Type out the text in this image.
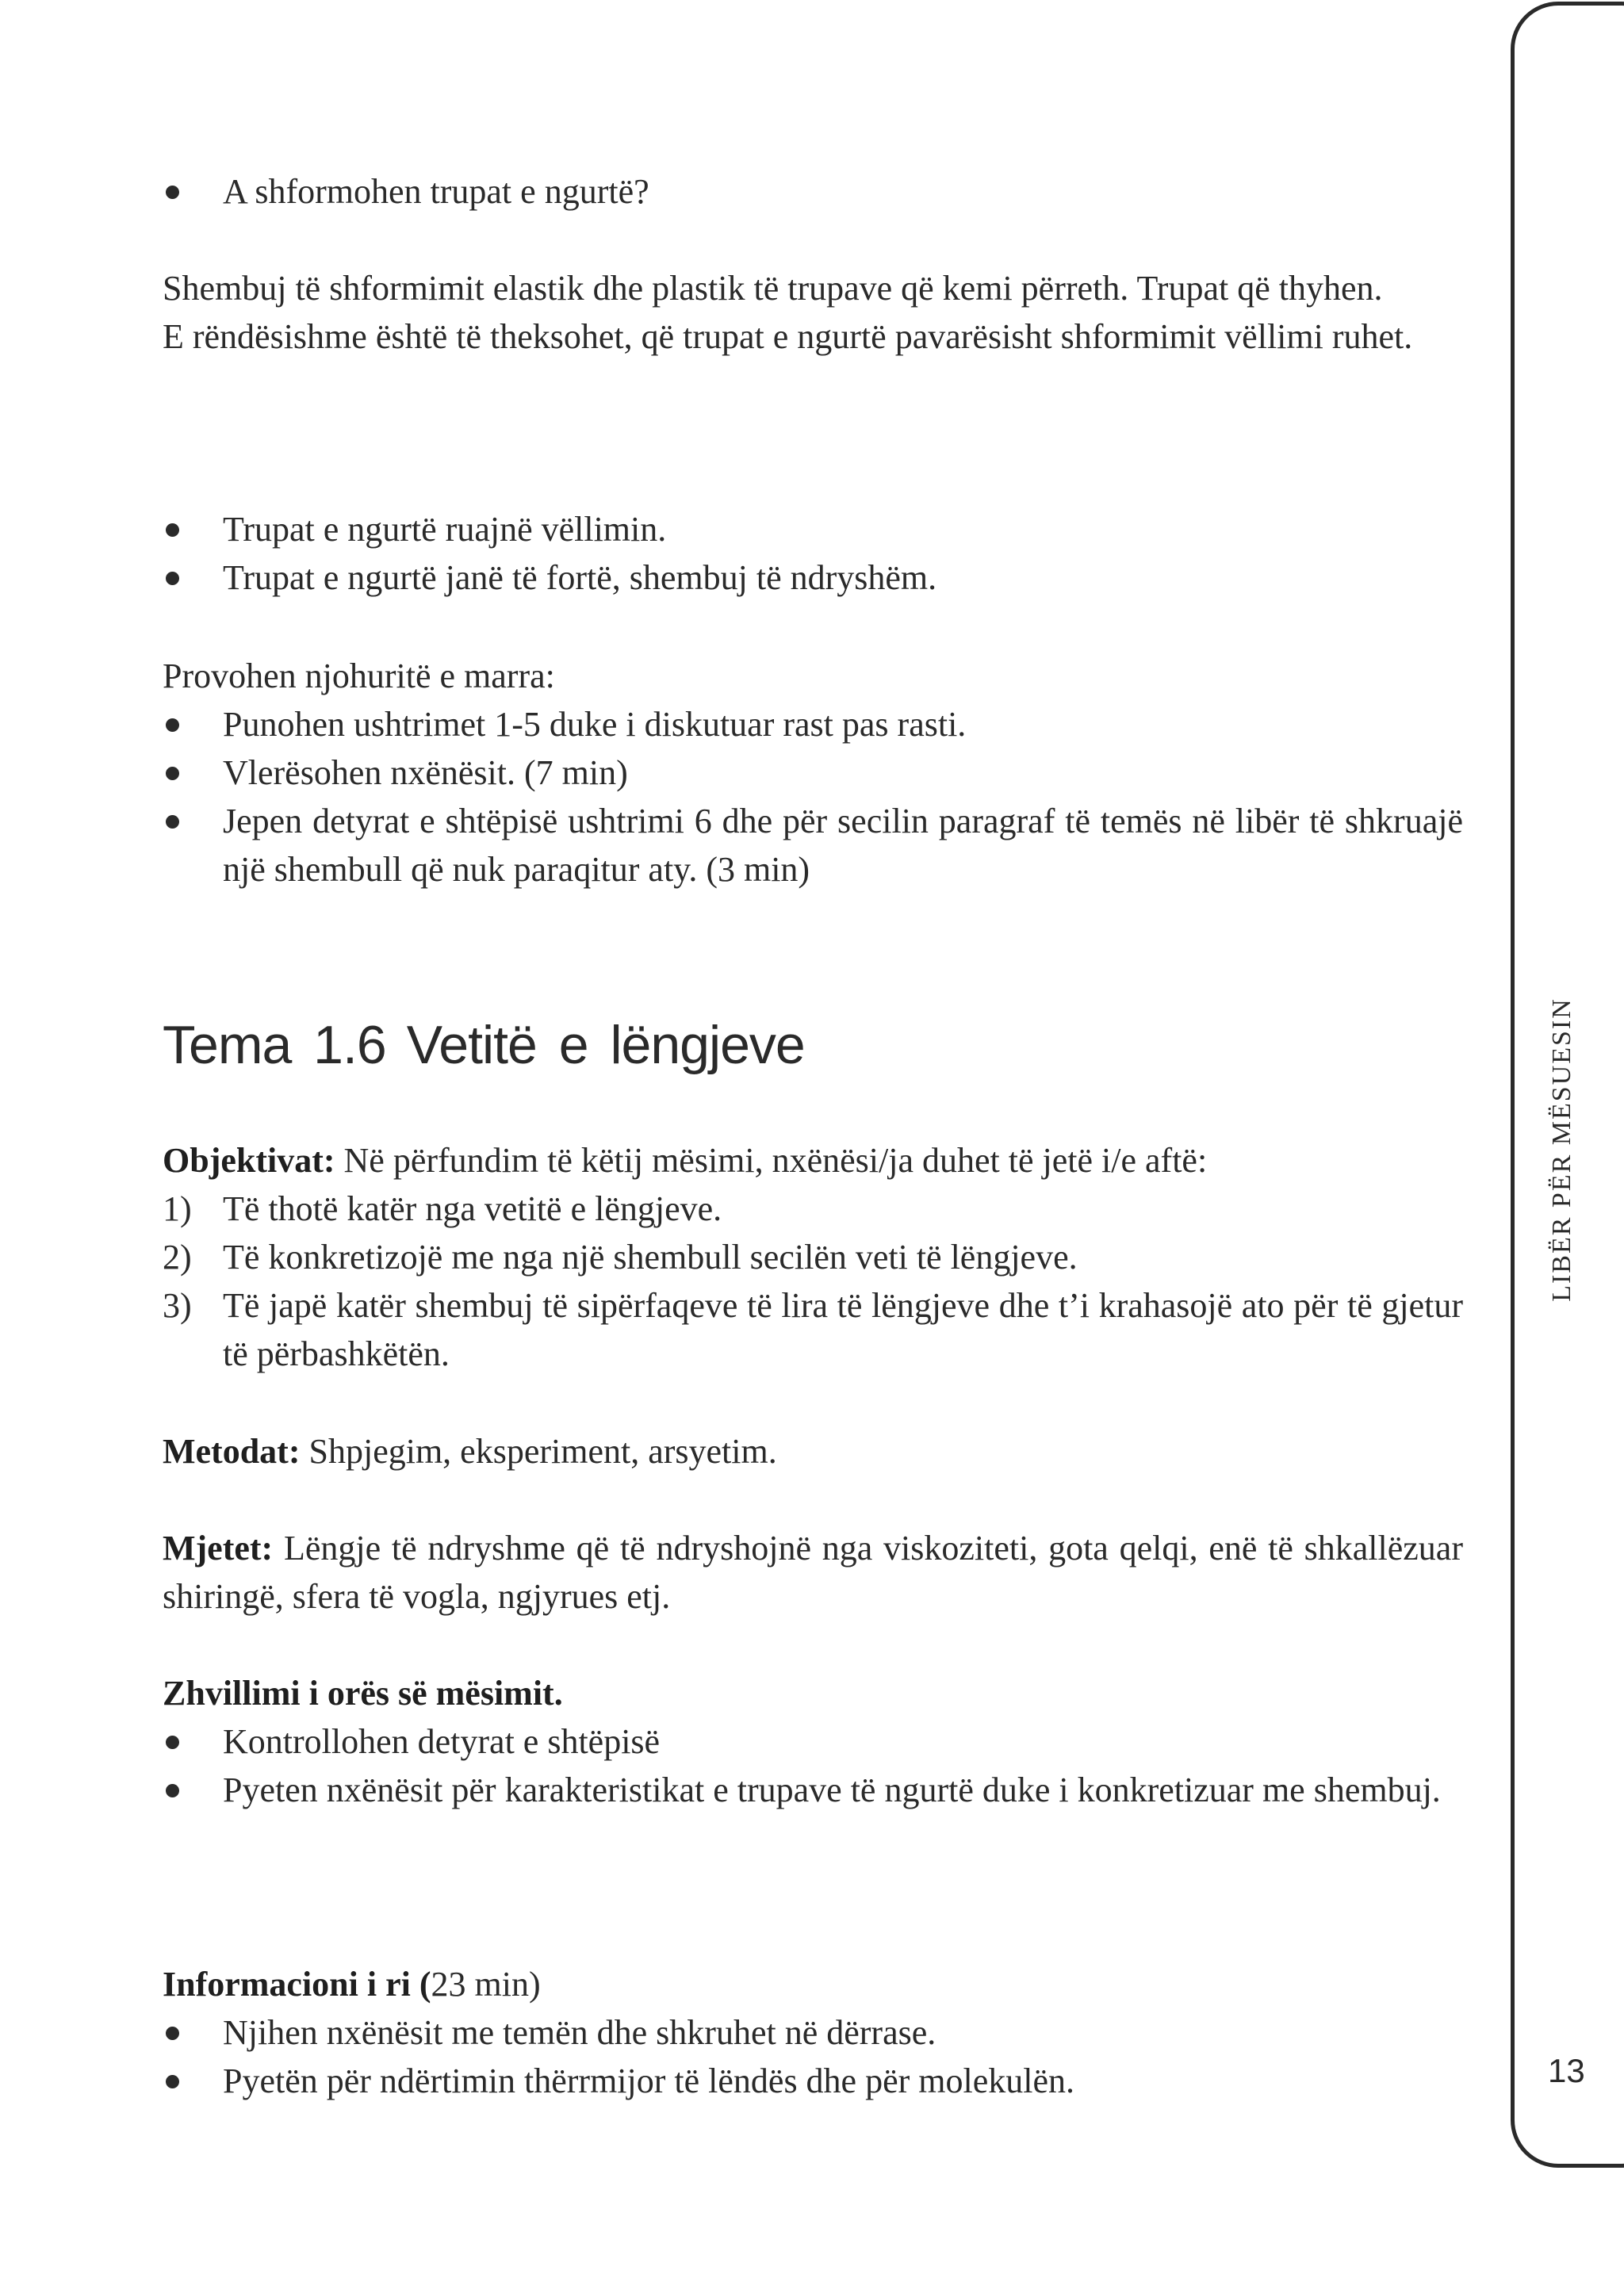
LIBËR PËR MËSUESIN
13
A shformohen trupat e ngurtë?

Shembuj të shformimit elastik dhe plastik të trupave që kemi përreth. Trupat që thyhen.

E rëndësishme është të theksohet, që trupat e ngurtë pavarësisht shformimit vëllimi ruhet.

Trupat e ngurtë ruajnë vëllimin.
Trupat e ngurtë janë të fortë, shembuj të ndryshëm.

Provohen njohuritë e marra:

Punohen ushtrimet 1-5 duke i diskutuar rast pas rasti.
Vlerësohen nxënësit. (7 min)
Jepen detyrat e shtëpisë ushtrimi 6 dhe për secilin paragraf të temës në libër të shkruajë një shembull që nuk paraqitur aty. (3 min)
Tema 1.6 Vetitë e lëngjeve

Objektivat: Në përfundim të këtij mësimi, nxënësi/ja duhet të jetë i/e aftë:

1) Të thotë katër nga vetitë e lëngjeve.
2) Të konkretizojë me nga një shembull secilën veti të lëngjeve.
3) Të japë katër shembuj të sipërfaqeve të lira të lëngjeve dhe t’i krahasojë ato për të gjetur të përbashkëtën.

Metodat: Shpjegim, eksperiment, arsyetim.

Mjetet: Lëngje të ndryshme që të ndryshojnë nga viskoziteti, gota qelqi, enë të shkallëzuar shiringë, sfera të vogla, ngjyrues etj.

Zhvillimi i orës së mësimit.

Kontrollohen detyrat e shtëpisë
Pyeten nxënësit për karakteristikat e trupave të ngurtë duke i konkretizuar me shembuj.

Informacioni i ri (23 min)

Njihen nxënësit me temën dhe shkruhet në dërrase.
Pyetën për ndërtimin thërrmijor të lëndës dhe për molekulën.
